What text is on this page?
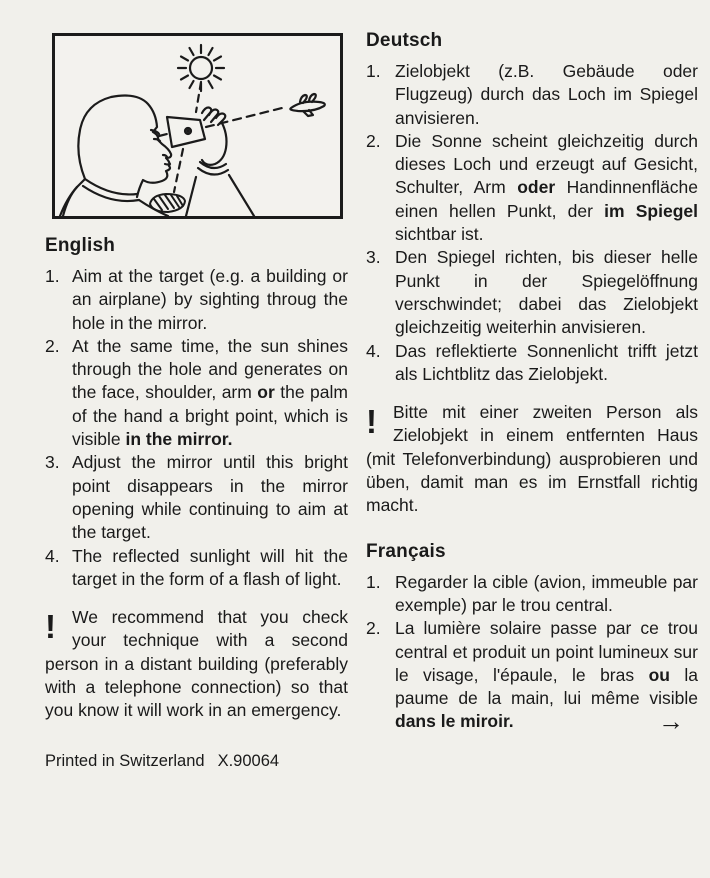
English
1. Aim at the target (e.g. a building or an airplane) by sighting throug the hole in the mirror.
2. At the same time, the sun shines through the hole and generates on the face, shoulder, arm or the palm of the hand a bright point, which is visible in the mirror.
3. Adjust the mirror until this bright point disappears in the mirror opening while continuing to aim at the target.
4. The reflected sunlight will hit the target in the form of a flash of light.

! We recommend that you check your technique with a second person in a distant building (preferably with a telephone connection) so that you know it will work in an emergency.

Printed in Switzerland X.90064
Deutsch
1. Zielobjekt (z.B. Gebäude oder Flugzeug) durch das Loch im Spiegel anvisieren.
2. Die Sonne scheint gleichzeitig durch dieses Loch und erzeugt auf Gesicht, Schulter, Arm oder Handinnenfläche einen hellen Punkt, der im Spiegel sichtbar ist.
3. Den Spiegel richten, bis dieser helle Punkt in der Spiegelöffnung verschwindet; dabei das Zielobjekt gleichzeitig weiterhin anvisieren.
4. Das reflektierte Sonnenlicht trifft jetzt als Lichtblitz das Zielobjekt.

! Bitte mit einer zweiten Person als Zielobjekt in einem entfernten Haus (mit Telefonverbindung) ausprobieren und üben, damit man es im Ernstfall richtig macht.

Français
1. Regarder la cible (avion, immeuble par exemple) par le trou central.
2. La lumière solaire passe par ce trou central et produit un point lumineux sur le visage, l'épaule, le bras ou la paume de la main, lui même visible dans le miroir.	→
